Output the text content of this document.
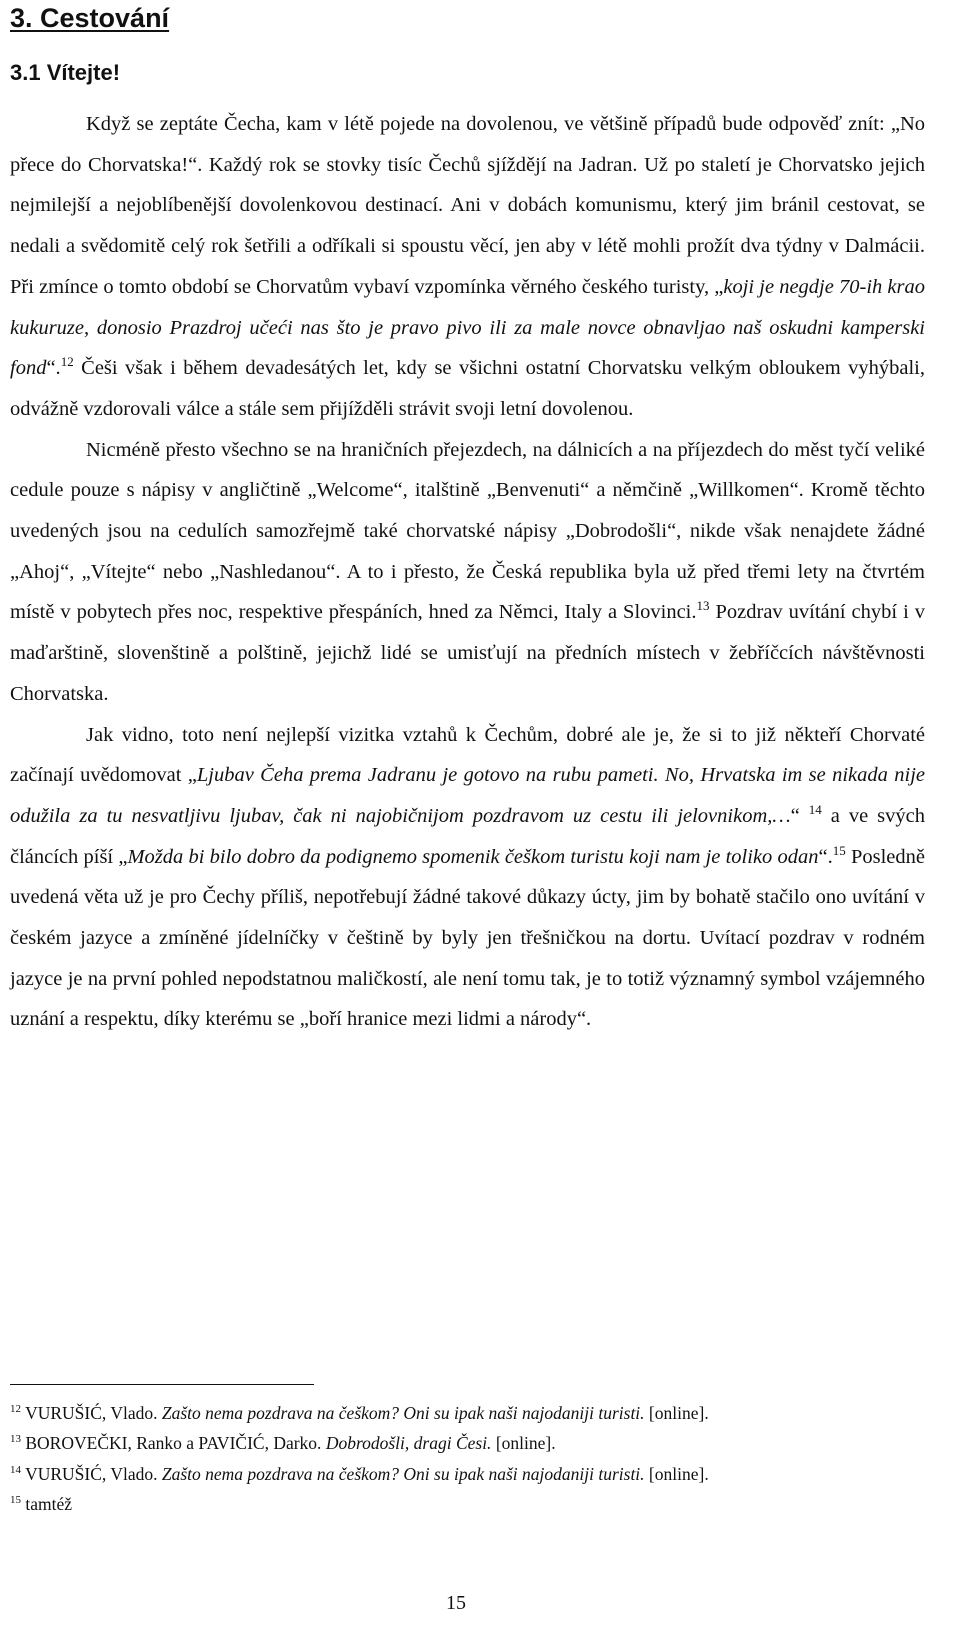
3. Cestování
3.1 Vítejte!

Když se zeptáte Čecha, kam v létě pojede na dovolenou, ve většině případů bude odpověď znít: „No přece do Chorvatska!“. Každý rok se stovky tisíc Čechů sjíždějí na Jadran. Už po staletí je Chorvatsko jejich nejmilejší a nejoblíbenější dovolenkovou destinací. Ani v dobách komunismu, který jim bránil cestovat, se nedali a svědomitě celý rok šetřili a odříkali si spoustu věcí, jen aby v létě mohli prožít dva týdny v Dalmácii. Při zmínce o tomto období se Chorvatům vybaví vzpomínka věrného českého turisty, „koji je negdje 70-ih krao kukuruze, donosio Prazdroj učeći nas što je pravo pivo ili za male novce obnavljao naš oskudni kamperski fond“.$^{12}$ Češi však i během devadesátých let, kdy se všichni ostatní Chorvatsku velkým obloukem vyhýbali, odvážně vzdorovali válce a stále sem přijížděli strávit svoji letní dovolenou.

Nicméně přesto všechno se na hraničních přejezdech, na dálnicích a na příjezdech do měst tyčí veliké cedule pouze s nápisy v angličtině „Welcome“, italštině „Benvenuti“ a němčině „Willkomen“. Kromě těchto uvedených jsou na cedulích samozřejmě také chorvatské nápisy „Dobrodošli“, nikde však nenajdete žádné „Ahoj“, „Vítejte“ nebo „Nashledanou“. A to i přesto, že Česká republika byla už před třemi lety na čtvrtém místě v pobytech přes noc, respektive přespáních, hned za Němci, Italy a Slovinci.$^{13}$ Pozdrav uvítání chybí i v maďarštině, slovenštině a polštině, jejichž lidé se umisťují na předních místech v žebříčcích návštěvnosti Chorvatska.

Jak vidno, toto není nejlepší vizitka vztahů k Čechům, dobré ale je, že si to již někteří Chorvaté začínají uvědomovat „Ljubav Čeha prema Jadranu je gotovo na rubu pameti. No, Hrvatska im se nikada nije odužila za tu nesvatljivu ljubav, čak ni najobičnijom pozdravom uz cestu ili jelovnikom,…“ $^{14}$ a ve svých článcích píší „Možda bi bilo dobro da podignemo spomenik češkom turistu koji nam je toliko odan“.$^{15}$ Posledně uvedená věta už je pro Čechy příliš, nepotřebují žádné takové důkazy úcty, jim by bohatě stačilo ono uvítání v českém jazyce a zmíněné jídelníčky v češtině by byly jen třešničkou na dortu. Uvítací pozdrav v rodném jazyce je na první pohled nepodstatnou maličkostí, ale není tomu tak, je to totiž významný symbol vzájemného uznání a respektu, díky kterému se „boří hranice mezi lidmi a národy“.

$^{12}$ VURUŠIĆ, Vlado. Zašto nema pozdrava na češkom? Oni su ipak naši najodaniji turisti. [online].
$^{13}$ BOROVEČKI, Ranko a PAVIČIĆ, Darko. Dobrodošli, dragi Česi. [online].
$^{14}$ VURUŠIĆ, Vlado. Zašto nema pozdrava na češkom? Oni su ipak naši najodaniji turisti. [online].
$^{15}$ tamtéž
15
